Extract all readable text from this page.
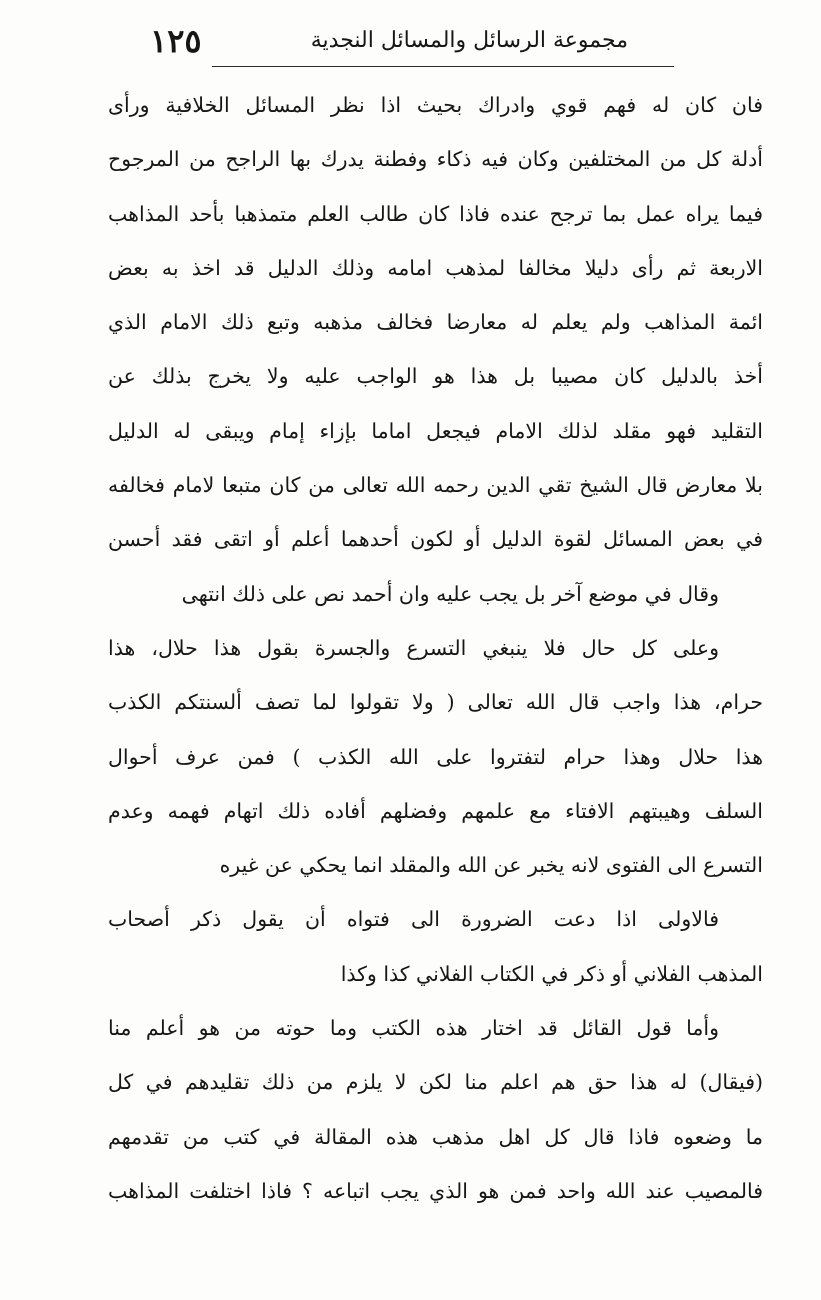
١٢٥	مجموعة الرسائل والمسائل النجدية
فان كان له فهم قوي وادراك بحيث اذا نظر المسائل الخلافية ورأى
أدلة كل من المختلفين وكان فيه ذكاء وفطنة يدرك بها الراجح من المرجوح
فيما يراه عمل بما ترجح عنده فاذا كان طالب العلم متمذهبا بأحد المذاهب
الاربعة ثم رأى دليلا مخالفا لمذهب امامه وذلك الدليل قد اخذ به بعض
ائمة المذاهب ولم يعلم له معارضا فخالف مذهبه وتبع ذلك الامام الذي
أخذ بالدليل كان مصيبا بل هذا هو الواجب عليه ولا يخرج بذلك عن
التقليد فهو مقلد لذلك الامام فيجعل اماما بإزاء إمام ويبقى له الدليل
بلا معارض قال الشيخ تقي الدين رحمه الله تعالى من كان متبعا لامام فخالفه
في بعض المسائل لقوة الدليل أو لكون أحدهما أعلم أو اتقى فقد أحسن
وقال في موضع آخر بل يجب عليه وان أحمد نص على ذلك انتهى
وعلى كل حال فلا ينبغي التسرع والجسرة بقول هذا حلال، هذا
حرام، هذا واجب قال الله تعالى ( ولا تقولوا لما تصف ألسنتكم الكذب
هذا حلال وهذا حرام لتفتروا على الله الكذب ) فمن عرف أحوال
السلف وهيبتهم الافتاء مع علمهم وفضلهم أفاده ذلك اتهام فهمه وعدم
التسرع الى الفتوى لانه يخبر عن الله والمقلد انما يحكي عن غيره
فالاولى اذا دعت الضرورة الى فتواه أن يقول ذكر أصحاب
المذهب الفلاني أو ذكر في الكتاب الفلاني كذا وكذا
وأما قول القائل قد اختار هذه الكتب وما حوته من هو أعلم منا
(فيقال) له هذا حق هم اعلم منا لكن لا يلزم من ذلك تقليدهم في كل
ما وضعوه فاذا قال كل اهل مذهب هذه المقالة في كتب من تقدمهم
فالمصيب عند الله واحد فمن هو الذي يجب اتباعه ؟ فاذا اختلفت المذاهب
